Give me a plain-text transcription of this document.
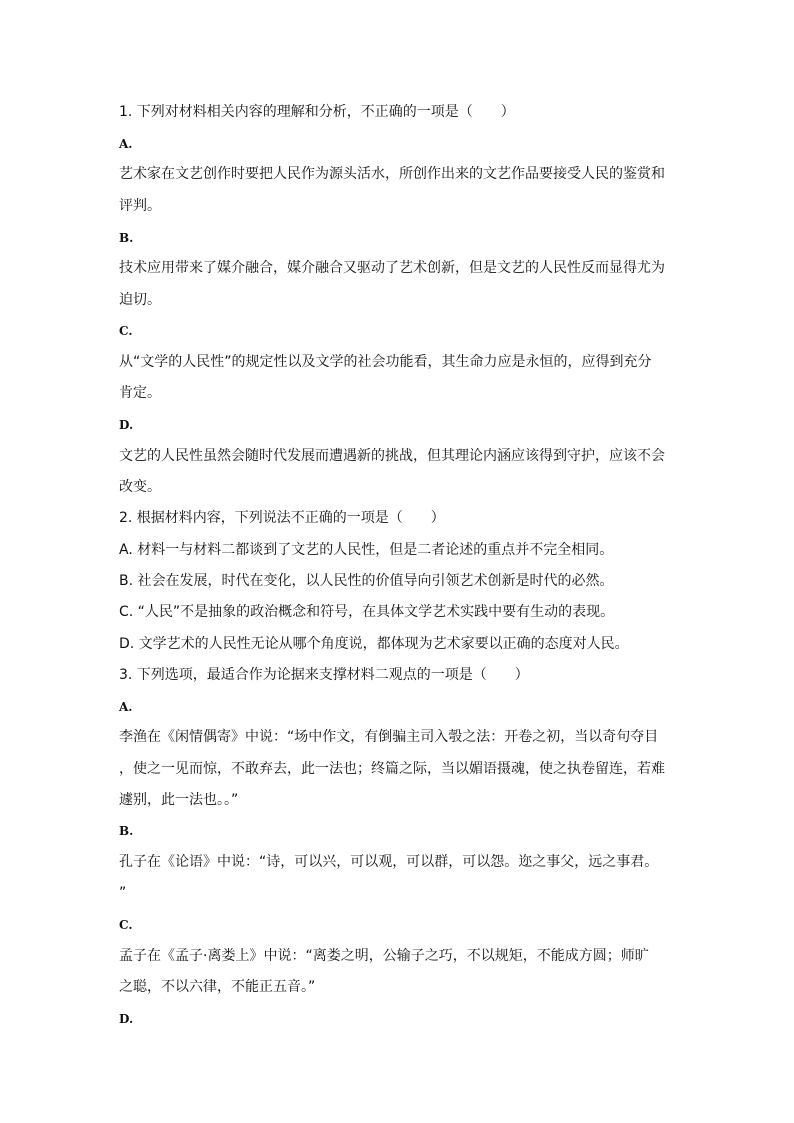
1. 下列对材料相关内容的理解和分析，不正确的一项是（　　）
A.
艺术家在文艺创作时要把人民作为源头活水，所创作出来的文艺作品要接受人民的鉴赏和
评判。
B.
技术应用带来了媒介融合，媒介融合又驱动了艺术创新，但是文艺的人民性反而显得尤为
迫切。
C.
从“文学的人民性”的规定性以及文学的社会功能看，其生命力应是永恒的，应得到充分
肯定。
D.
文艺的人民性虽然会随时代发展而遭遇新的挑战，但其理论内涵应该得到守护，应该不会
改变。
2. 根据材料内容，下列说法不正确的一项是（　　）
A. 材料一与材料二都谈到了文艺的人民性，但是二者论述的重点并不完全相同。
B. 社会在发展，时代在变化，以人民性的价值导向引领艺术创新是时代的必然。
C. “人民”不是抽象的政治概念和符号，在具体文学艺术实践中要有生动的表现。
D. 文学艺术的人民性无论从哪个角度说，都体现为艺术家要以正确的态度对人民。
3. 下列选项，最适合作为论据来支撑材料二观点的一项是（　　）
A.
李渔在《闲情偶寄》中说：“场中作文，有倒骗主司入彀之法：开卷之初，当以奇句夺目
，使之一见而惊，不敢弃去，此一法也；终篇之际，当以媚语摄魂，使之执卷留连，若难
遽别，此一法也。。”
B.
孔子在《论语》中说：“诗，可以兴，可以观，可以群，可以怨。迩之事父，远之事君。
”
C.
孟子在《孟子·离娄上》中说：“离娄之明，公输子之巧，不以规矩，不能成方圆；师旷
之聪，不以六律，不能正五音。”
D.
